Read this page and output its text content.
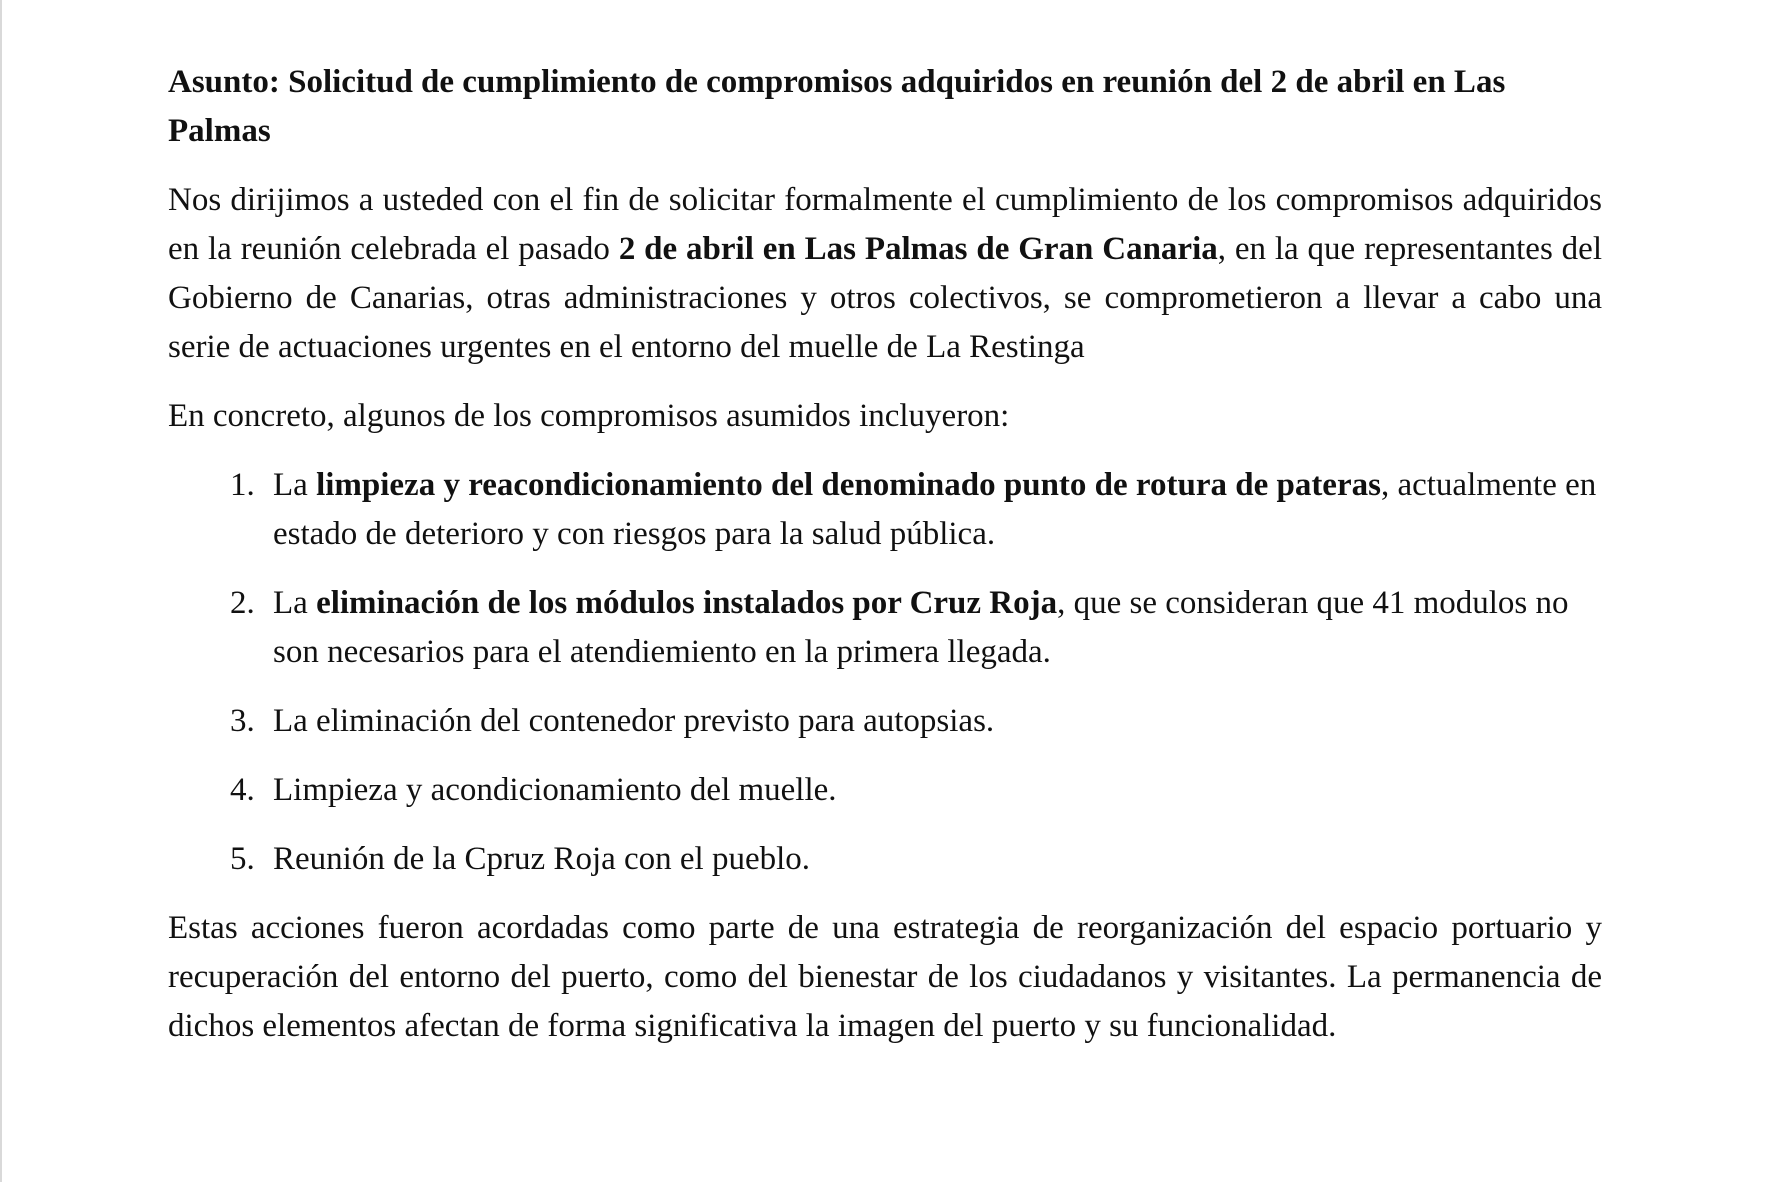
Asunto: Solicitud de cumplimiento de compromisos adquiridos en reunión del 2 de abril en Las Palmas

Nos dirijimos a usteded con el fin de solicitar formalmente el cumplimiento de los compromisos adquiridos en la reunión celebrada el pasado 2 de abril en Las Palmas de Gran Canaria, en la que representantes del Gobierno de Canarias, otras administraciones y otros colectivos, se comprometieron a llevar a cabo una serie de actuaciones urgentes en el entorno del muelle de La Restinga

En concreto, algunos de los compromisos asumidos incluyeron:

1. La limpieza y reacondicionamiento del denominado punto de rotura de pateras, actualmente en estado de deterioro y con riesgos para la salud pública.
2. La eliminación de los módulos instalados por Cruz Roja, que se consideran que 41 modulos no son necesarios para el atendiemiento en la primera llegada.
3. La eliminación del contenedor previsto para autopsias.
4. Limpieza y acondicionamiento del muelle.
5. Reunión de la Cpruz Roja con el pueblo.

Estas acciones fueron acordadas como parte de una estrategia de reorganización del espacio portuario y recuperación del entorno del puerto, como del bienestar de los ciudadanos y visitantes. La permanencia de dichos elementos afectan de forma significativa la imagen del puerto y su funcionalidad.
